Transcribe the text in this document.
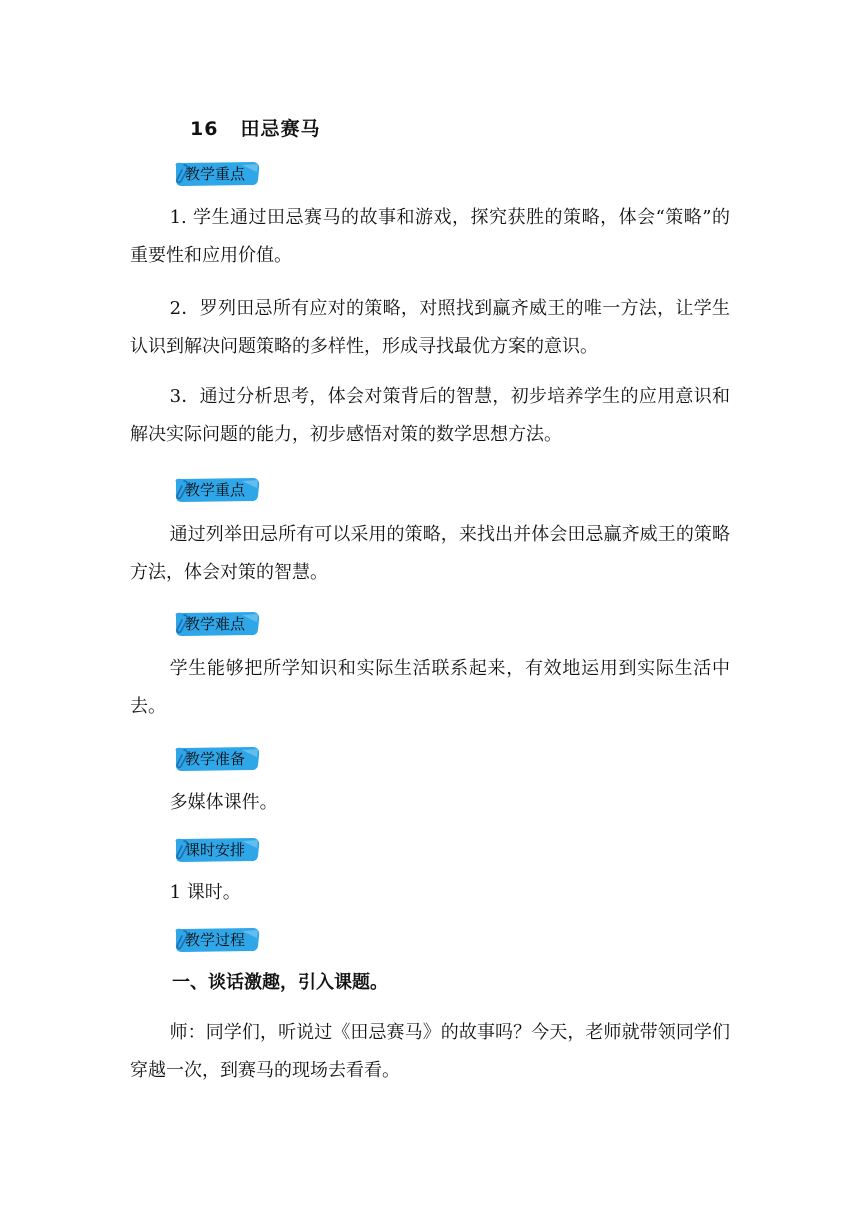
16 田忌赛马
教学重点
1. 学生通过田忌赛马的故事和游戏，探究获胜的策略，体会“策略”的重要性和应用价值。
2．罗列田忌所有应对的策略，对照找到赢齐威王的唯一方法，让学生认识到解决问题策略的多样性，形成寻找最优方案的意识。
3．通过分析思考，体会对策背后的智慧，初步培养学生的应用意识和解决实际问题的能力，初步感悟对策的数学思想方法。
教学重点
通过列举田忌所有可以采用的策略，来找出并体会田忌赢齐威王的策略方法，体会对策的智慧。
教学难点
学生能够把所学知识和实际生活联系起来，有效地运用到实际生活中去。
教学准备
多媒体课件。
课时安排
1 课时。
教学过程
一、谈话激趣，引入课题。
师：同学们，听说过《田忌赛马》的故事吗？今天，老师就带领同学们穿越一次，到赛马的现场去看看。
